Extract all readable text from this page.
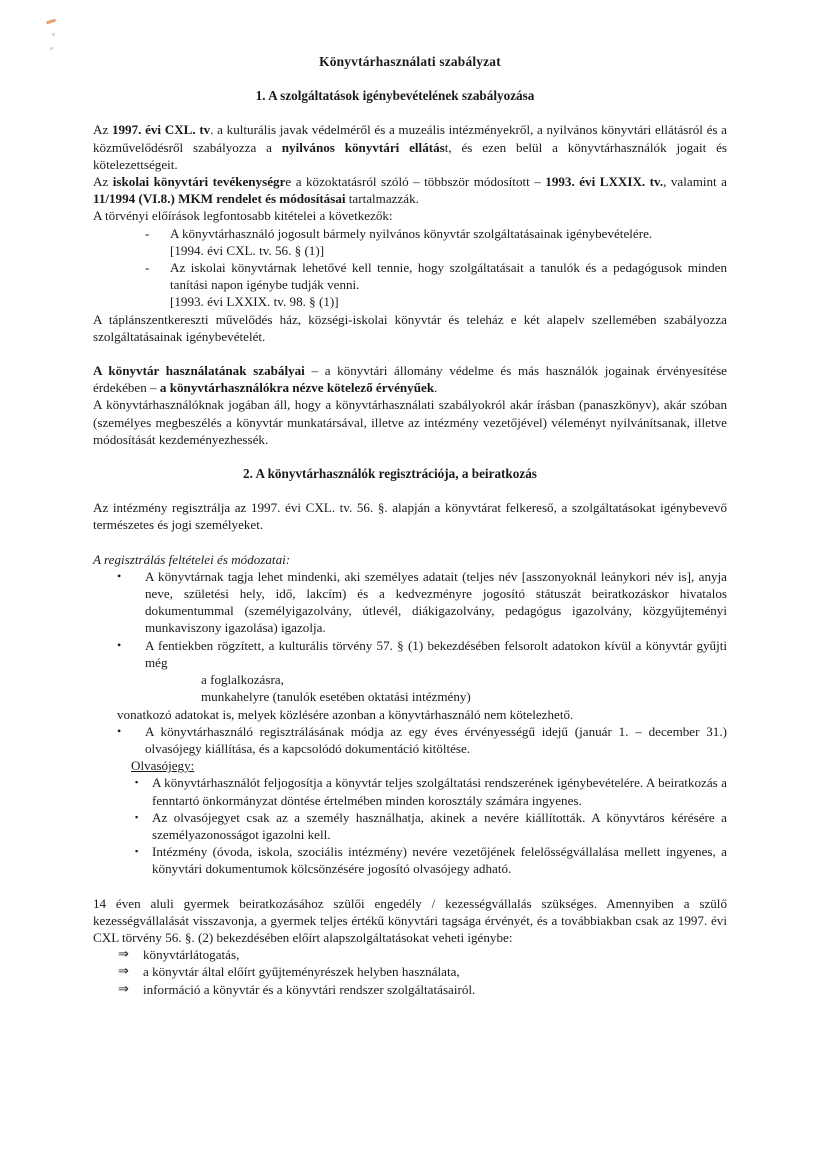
Könyvtárhasználati szabályzat
1. A szolgáltatások igénybevételének szabályozása

Az 1997. évi CXL. tv. a kulturális javak védelméről és a muzeális intézményekről, a nyilvános könyvtári ellátásról és a közművelődésről szabályozza a nyilvános könyvtári ellátást, és ezen belül a könyvtárhasználók jogait és kötelezettségeit.

Az iskolai könyvtári tevékenységre a közoktatásról szóló – többször módosított – 1993. évi LXXIX. tv., valamint a 11/1994 (VI.8.) MKM rendelet és módosításai tartalmazzák.

A törvényi előírások legfontosabb kitételei a következők:

- A könyvtárhasználó jogosult bármely nyilvános könyvtár szolgáltatásainak igénybevételére.
[1994. évi CXL. tv. 56. § (1)]
- Az iskolai könyvtárnak lehetővé kell tennie, hogy szolgáltatásait a tanulók és a pedagógusok minden tanítási napon igénybe tudják venni.
[1993. évi LXXIX. tv. 98. § (1)]

A táplánszentkereszti művelődés ház, községi-iskolai könyvtár és teleház e két alapelv szellemében szabályozza szolgáltatásainak igénybevételét.

A könyvtár használatának szabályai – a könyvtári állomány védelme és más használók jogainak érvényesítése érdekében – a könyvtárhasználókra nézve kötelező érvényűek.

A könyvtárhasználóknak jogában áll, hogy a könyvtárhasználati szabályokról akár írásban (panaszkönyv), akár szóban (személyes megbeszélés a könyvtár munkatársával, illetve az intézmény vezetőjével) véleményt nyilvánítsanak, illetve módosítását kezdeményezhessék.

2. A könyvtárhasználók regisztrációja, a beiratkozás

Az intézmény regisztrálja az 1997. évi CXL. tv. 56. §. alapján a könyvtárat felkereső, a szolgáltatásokat igénybevevő természetes és jogi személyeket.

A regisztrálás feltételei és módozatai:

• A könyvtárnak tagja lehet mindenki, aki személyes adatait (teljes név [asszonyoknál leánykori név is], anyja neve, születési hely, idő, lakcím) és a kedvezményre jogosító státuszát beiratkozáskor hivatalos dokumentummal (személyigazolvány, útlevél, diákigazolvány, pedagógus igazolvány, közgyűjteményi munkaviszony igazolása) igazolja.
• A fentiekben rögzített, a kulturális törvény 57. § (1) bekezdésében felsorolt adatokon kívül a könyvtár gyűjti még
a foglalkozásra,
munkahelyre (tanulók esetében oktatási intézmény)

vonatkozó adatokat is, melyek közlésére azonban a könyvtárhasználó nem kötelezhető.

• A könyvtárhasználó regisztrálásának módja az egy éves érvényességű idejű (január 1. – december 31.) olvasójegy kiállítása, és a kapcsolódó dokumentáció kitöltése.
Olvasójegy:
▪ A könyvtárhasználót feljogosítja a könyvtár teljes szolgáltatási rendszerének igénybevételére. A beiratkozás a fenntartó önkormányzat döntése értelmében minden korosztály számára ingyenes.
▪ Az olvasójegyet csak az a személy használhatja, akinek a nevére kiállították. A könyvtáros kérésére a személyazonosságot igazolni kell.
▪ Intézmény (óvoda, iskola, szociális intézmény) nevére vezetőjének felelősségvállalása mellett ingyenes, a könyvtári dokumentumok kölcsönzésére jogosító olvasójegy adható.

14 éven aluli gyermek beiratkozásához szülői engedély / kezességvállalás szükséges. Amennyiben a szülő kezességvállalását visszavonja, a gyermek teljes értékű könyvtári tagsága érvényét, és a továbbiakban csak az 1997. évi CXL törvény 56. §. (2) bekezdésében előírt alapszolgáltatásokat veheti igénybe:

⇒ könyvtárlátogatás,
⇒ a könyvtár által előírt gyűjteményrészek helyben használata,
⇒ információ a könyvtár és a könyvtári rendszer szolgáltatásairól.
